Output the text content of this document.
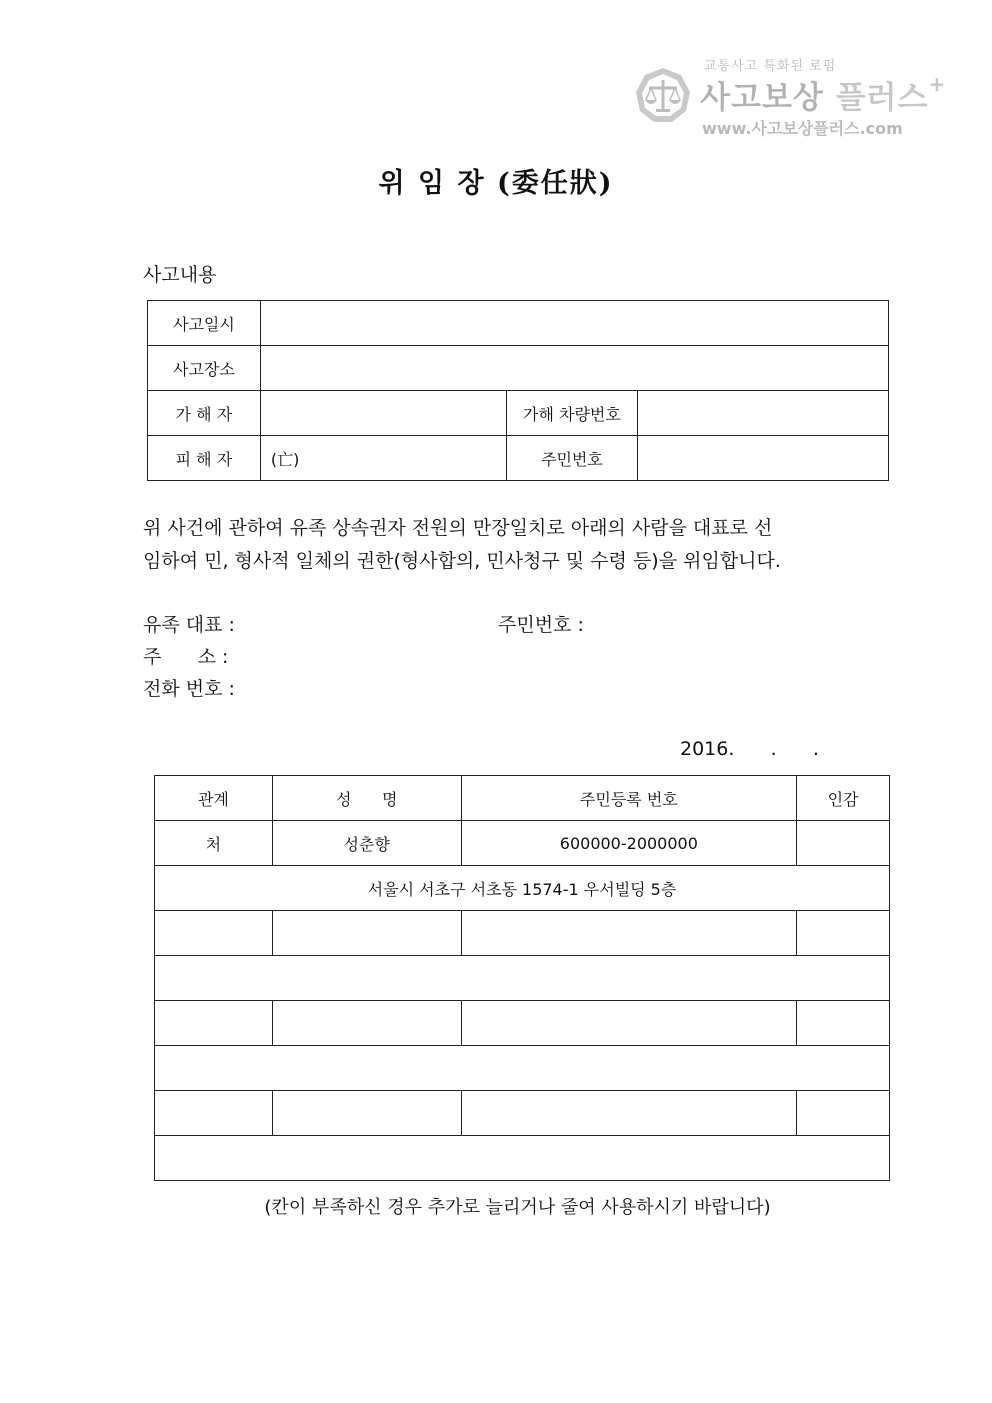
교통사고 특화된 로펌
사고보상 플러스+
www.사고보상플러스.com
위 임 장 (委任狀)
사고내용
사고일시			
사고장소			
가 해 자		가해 차량번호	
피 해 자	(亡)	주민번호	
위 사건에 관하여 유족 상속권자 전원의 만장일치로 아래의 사람을 대표로 선
임하여 민, 형사적 일체의 권한(형사합의, 민사청구 및 수령 등)을 위임합니다.
유족 대표 :	주민번호 :
주      소 :
전화 번호 :
2016.      .      .
관계	성      명	주민등록 번호	인감
처	성춘향	600000-2000000	
서울시 서초구 서초동 1574-1 우서빌딩 5층			

(칸이 부족하신 경우 추가로 늘리거나 줄여 사용하시기 바랍니다)
